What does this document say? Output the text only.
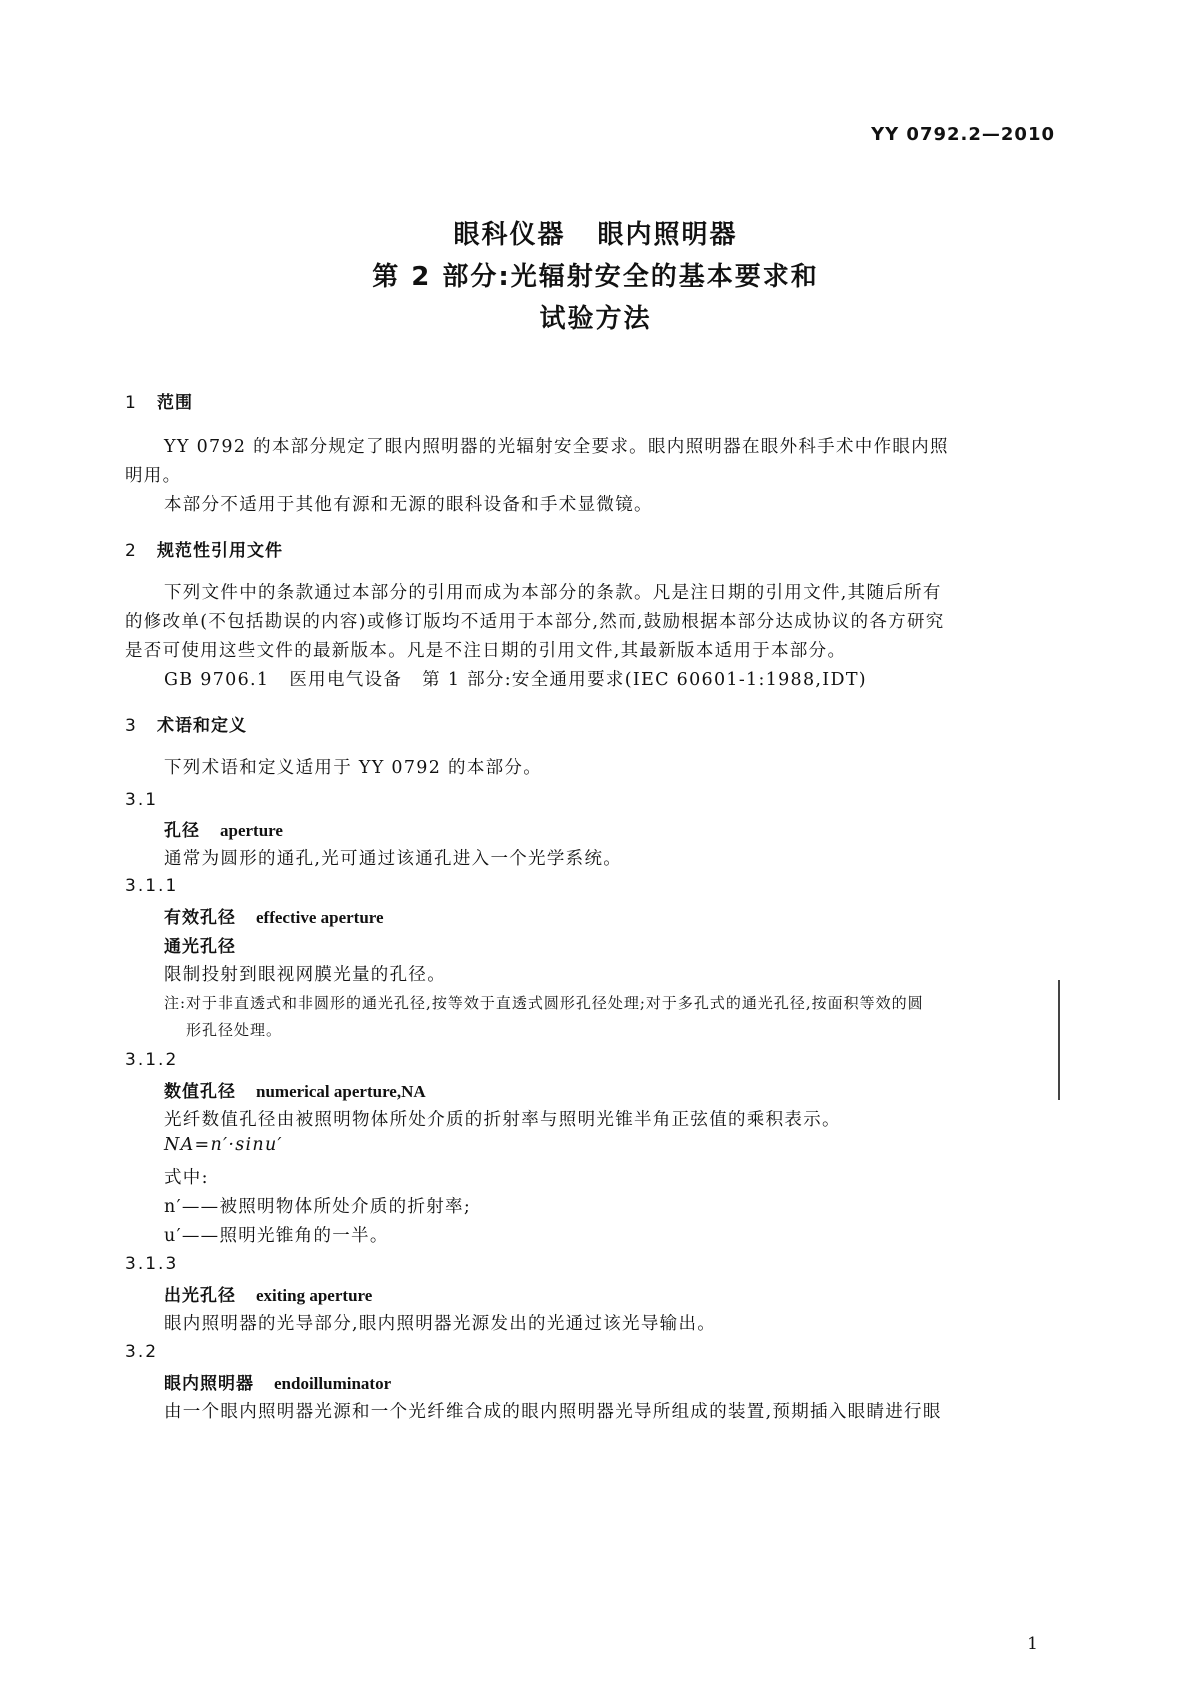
YY 0792.2—2010
眼科仪器 眼内照明器
第 2 部分:光辐射安全的基本要求和
试验方法
1 范围
YY 0792 的本部分规定了眼内照明器的光辐射安全要求。眼内照明器在眼外科手术中作眼内照
明用。
本部分不适用于其他有源和无源的眼科设备和手术显微镜。
2 规范性引用文件
下列文件中的条款通过本部分的引用而成为本部分的条款。凡是注日期的引用文件,其随后所有
的修改单(不包括勘误的内容)或修订版均不适用于本部分,然而,鼓励根据本部分达成协议的各方研究
是否可使用这些文件的最新版本。凡是不注日期的引用文件,其最新版本适用于本部分。
GB 9706.1 医用电气设备 第 1 部分:安全通用要求(IEC 60601-1:1988,IDT)
3 术语和定义
下列术语和定义适用于 YY 0792 的本部分。
3.1
孔径 aperture
通常为圆形的通孔,光可通过该通孔进入一个光学系统。
3.1.1
有效孔径 effective aperture
通光孔径
限制投射到眼视网膜光量的孔径。
注:对于非直透式和非圆形的通光孔径,按等效于直透式圆形孔径处理;对于多孔式的通光孔径,按面积等效的圆
形孔径处理。
3.1.2
数值孔径 numerical aperture,NA
光纤数值孔径由被照明物体所处介质的折射率与照明光锥半角正弦值的乘积表示。
NA=n′·sinu′
式中:
n′——被照明物体所处介质的折射率;
u′——照明光锥角的一半。
3.1.3
出光孔径 exiting aperture
眼内照明器的光导部分,眼内照明器光源发出的光通过该光导输出。
3.2
眼内照明器 endoilluminator
由一个眼内照明器光源和一个光纤维合成的眼内照明器光导所组成的装置,预期插入眼睛进行眼
1
